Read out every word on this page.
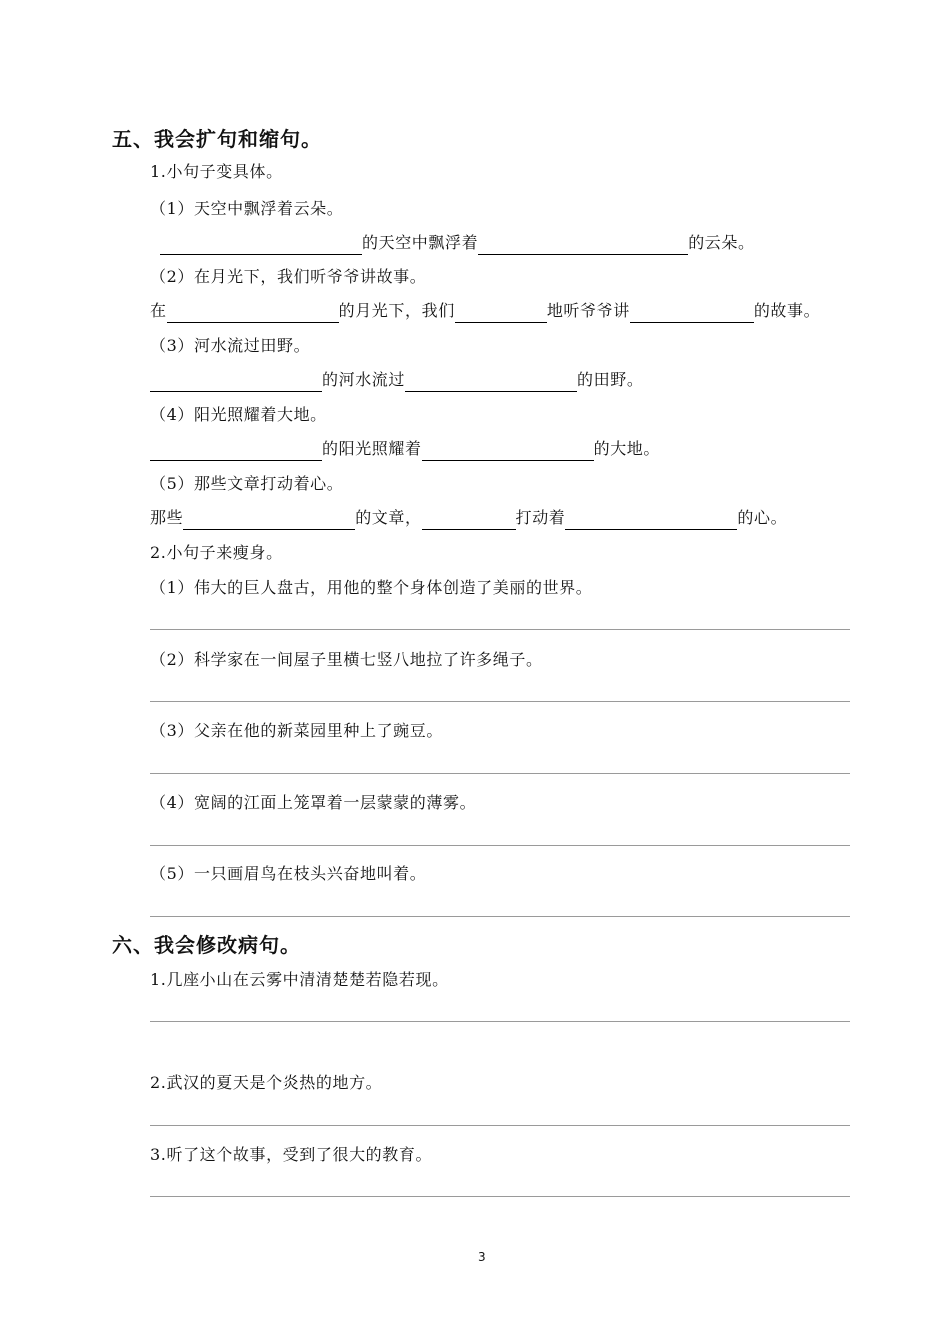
五、我会扩句和缩句。
1.小句子变具体。
（1）天空中飘浮着云朵。
的天空中飘浮着	的云朵。
（2）在月光下，我们听爷爷讲故事。
在	的月光下，我们	地听爷爷讲	的故事。
（3）河水流过田野。
的河水流过	的田野。
（4）阳光照耀着大地。
的阳光照耀着	的大地。
（5）那些文章打动着心。
那些	的文章，	打动着	的心。
2.小句子来瘦身。
（1）伟大的巨人盘古，用他的整个身体创造了美丽的世界。
（2）科学家在一间屋子里横七竖八地拉了许多绳子。
（3）父亲在他的新菜园里种上了豌豆。
（4）宽阔的江面上笼罩着一层蒙蒙的薄雾。
（5）一只画眉鸟在枝头兴奋地叫着。
六、我会修改病句。
1.几座小山在云雾中清清楚楚若隐若现。
2.武汉的夏天是个炎热的地方。
3.听了这个故事，受到了很大的教育。
3
